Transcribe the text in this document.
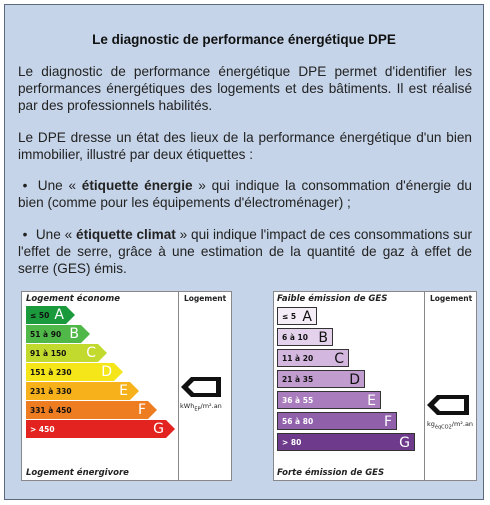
Le diagnostic de performance énergétique DPE
Le diagnostic de performance énergétique DPE permet d'identifier les performances énergétiques des logements et des bâtiments. Il est réalisé par des professionnels habilités.
Le DPE dresse un état des lieux de la performance énergétique d'un bien immobilier, illustré par deux étiquettes :
• Une « étiquette énergie » qui indique la consommation d'énergie du bien (comme pour les équipements d'électroménager) ;
• Une « étiquette climat » qui indique l'impact de ces consommations sur l'effet de serre, grâce à une estimation de la quantité de gaz à effet de serre (GES) émis.
Logement économe	Logement
≤ 50 A
51 à 90 B
91 à 150 C
151 à 230 D
231 à 330	E
331 à 450	F
> 450	G
kWh$_{EP}$/m².an
Logement énergivore
Faible émission de GES	Logement
≤ 5 A
6 à 10 B
11 à 20 C
21 à 35	D
36 à 55	E
56 à 80	F
> 80	G
$kg_{éqCO2}/m^2.an$
Forte émission de GES
